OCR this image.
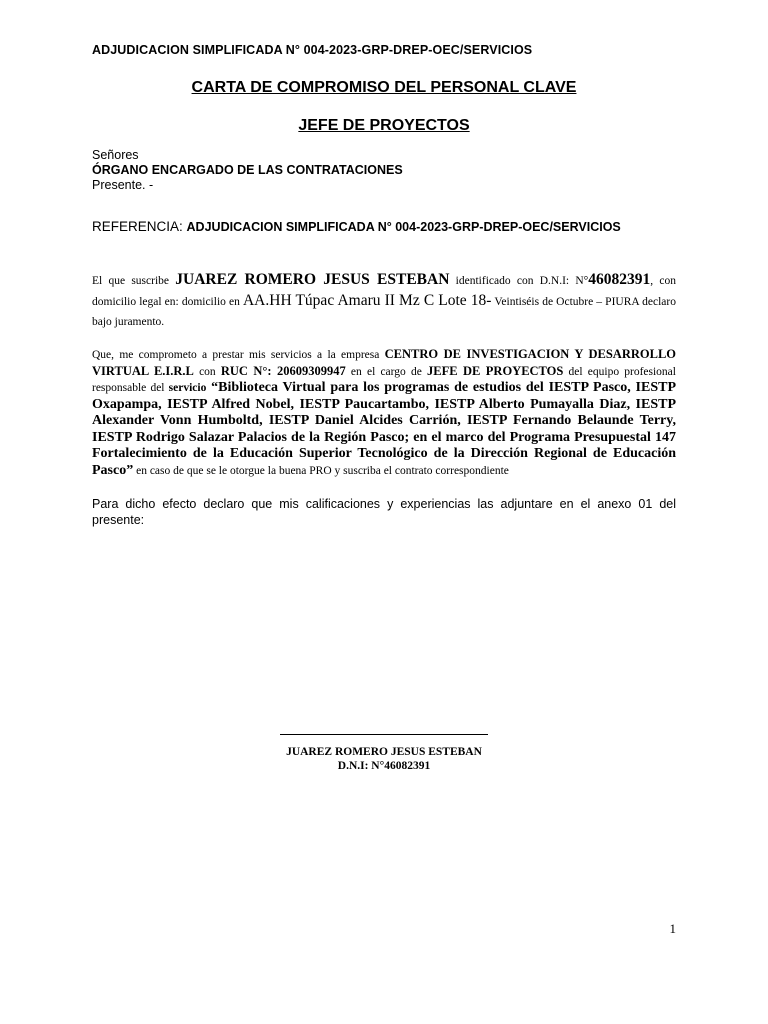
ADJUDICACION SIMPLIFICADA N° 004-2023-GRP-DREP-OEC/SERVICIOS
CARTA DE COMPROMISO DEL PERSONAL CLAVE
JEFE DE PROYECTOS
Señores
ÓRGANO ENCARGADO DE LAS CONTRATACIONES
Presente. -
REFERENCIA: ADJUDICACION SIMPLIFICADA N° 004-2023-GRP-DREP-OEC/SERVICIOS
El que suscribe JUAREZ ROMERO JESUS ESTEBAN identificado con D.N.I: N°46082391, con domicilio legal en: domicilio en AA.HH Túpac Amaru II Mz C Lote 18- Veintiséis de Octubre – PIURA declaro bajo juramento.
Que, me comprometo a prestar mis servicios a la empresa CENTRO DE INVESTIGACION Y DESARROLLO VIRTUAL E.I.R.L con RUC N°: 20609309947 en el cargo de JEFE DE PROYECTOS del equipo profesional responsable del servicio “Biblioteca Virtual para los programas de estudios del IESTP Pasco, IESTP Oxapampa, IESTP Alfred Nobel, IESTP Paucartambo, IESTP Alberto Pumayalla Diaz, IESTP Alexander Vonn Humboltd, IESTP Daniel Alcides Carrión, IESTP Fernando Belaunde Terry, IESTP Rodrigo Salazar Palacios de la Región Pasco; en el marco del Programa Presupuestal 147 Fortalecimiento de la Educación Superior Tecnológico de la Dirección Regional de Educación Pasco” en caso de que se le otorgue la buena PRO y suscriba el contrato correspondiente
Para dicho efecto declaro que mis calificaciones y experiencias las adjuntare en el anexo 01 del presente:

JUAREZ ROMERO JESUS ESTEBAN
D.N.I: N°46082391
1
